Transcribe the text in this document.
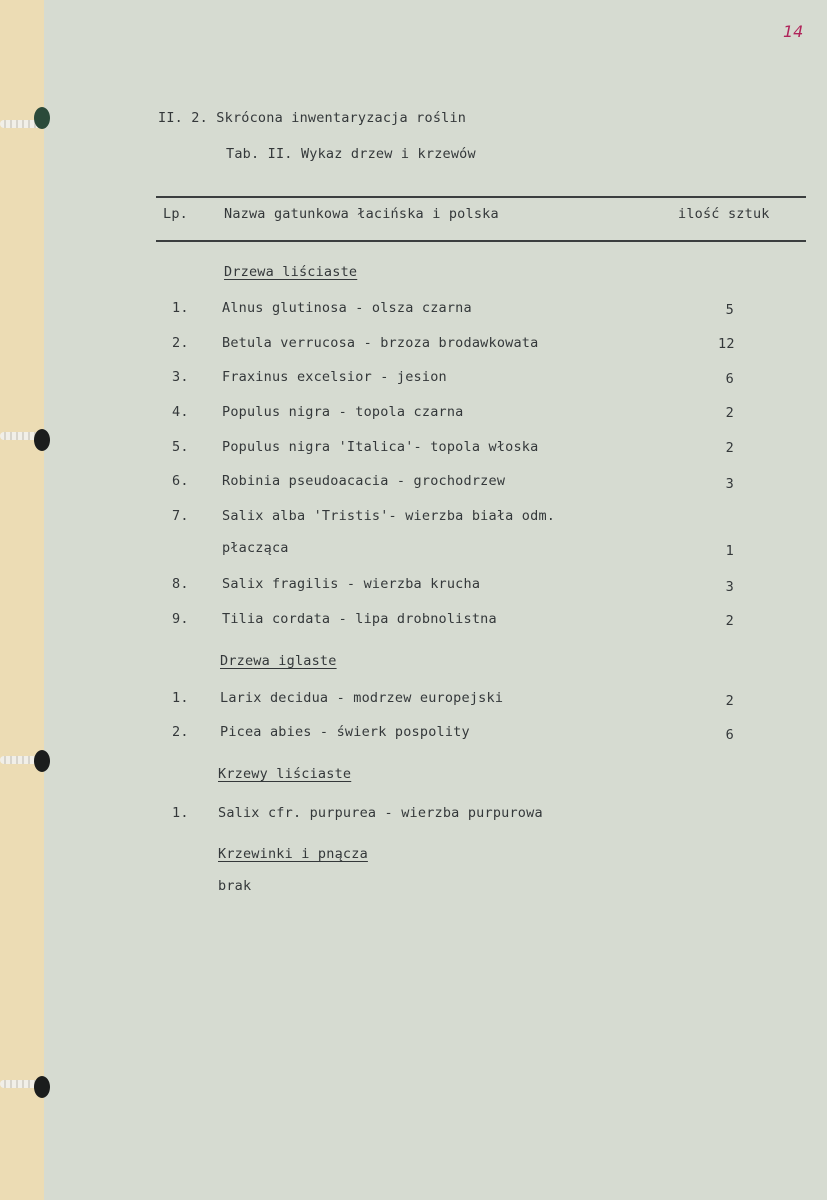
14
II. 2. Skrócona inwentaryzacja roślin
Tab. II. Wykaz drzew i krzewów
Lp.	Nazwa gatunkowa łacińska i polska	ilość sztuk
Drzewa liściaste
1. Alnus glutinosa - olsza czarna	5
2. Betula verrucosa - brzoza brodawkowata	12
3. Fraxinus excelsior - jesion	6
4. Populus nigra - topola czarna	2
5. Populus nigra 'Italica'- topola włoska	2
6. Robinia pseudoacacia - grochodrzew	3
7. Salix alba 'Tristis'- wierzba biała odm.
płacząca	1
8. Salix fragilis - wierzba krucha	3
9. Tilia cordata - lipa drobnolistna	2
Drzewa iglaste
1. Larix decidua - modrzew europejski	2
2. Picea abies - świerk pospolity	6
Krzewy liściaste
1. Salix cfr. purpurea - wierzba purpurowa
Krzewinki i pnącza
brak
